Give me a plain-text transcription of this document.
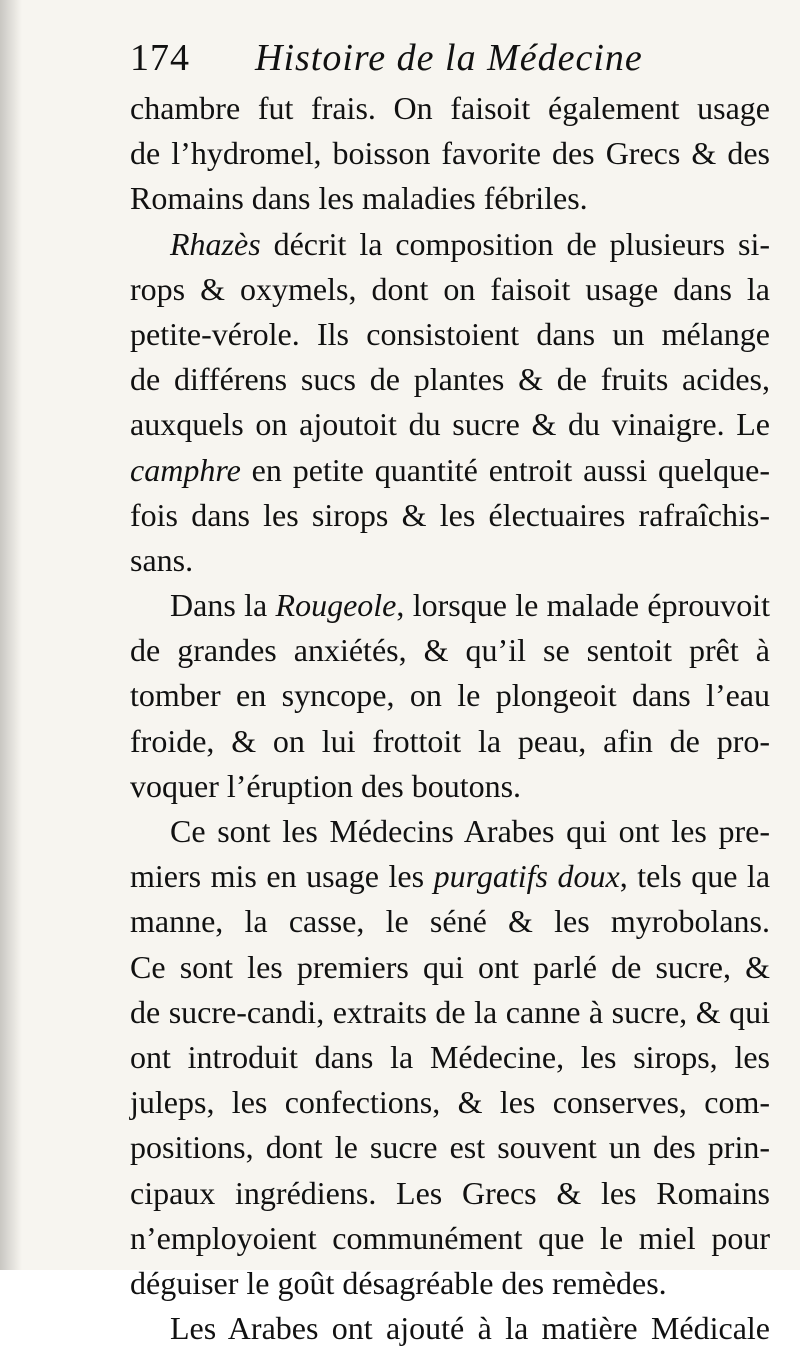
174 Histoire de la Médecine
chambre fut frais. On faisoit également usage
de l’hydromel, boisson favorite des Grecs & des
Romains dans les maladies fébriles.
Rhazès décrit la composition de plusieurs si-
rops & oxymels, dont on faisoit usage dans la
petite-vérole. Ils consistoient dans un mélange
de différens sucs de plantes & de fruits acides,
auxquels on ajoutoit du sucre & du vinaigre. Le
camphre en petite quantité entroit aussi quelque-
fois dans les sirops & les électuaires rafraîchis-
sans.
Dans la Rougeole, lorsque le malade éprouvoit
de grandes anxiétés, & qu’il se sentoit prêt à
tomber en syncope, on le plongeoit dans l’eau
froide, & on lui frottoit la peau, afin de pro-
voquer l’éruption des boutons.
Ce sont les Médecins Arabes qui ont les pre-
miers mis en usage les purgatifs doux, tels que la
manne, la casse, le séné & les myrobolans.
Ce sont les premiers qui ont parlé de sucre, &
de sucre-candi, extraits de la canne à sucre, & qui
ont introduit dans la Médecine, les sirops, les
juleps, les confections, & les conserves, com-
positions, dont le sucre est souvent un des prin-
cipaux ingrédiens. Les Grecs & les Romains
n’employoient communément que le miel pour
déguiser le goût désagréable des remèdes.
Les Arabes ont ajouté à la matière Médicale
